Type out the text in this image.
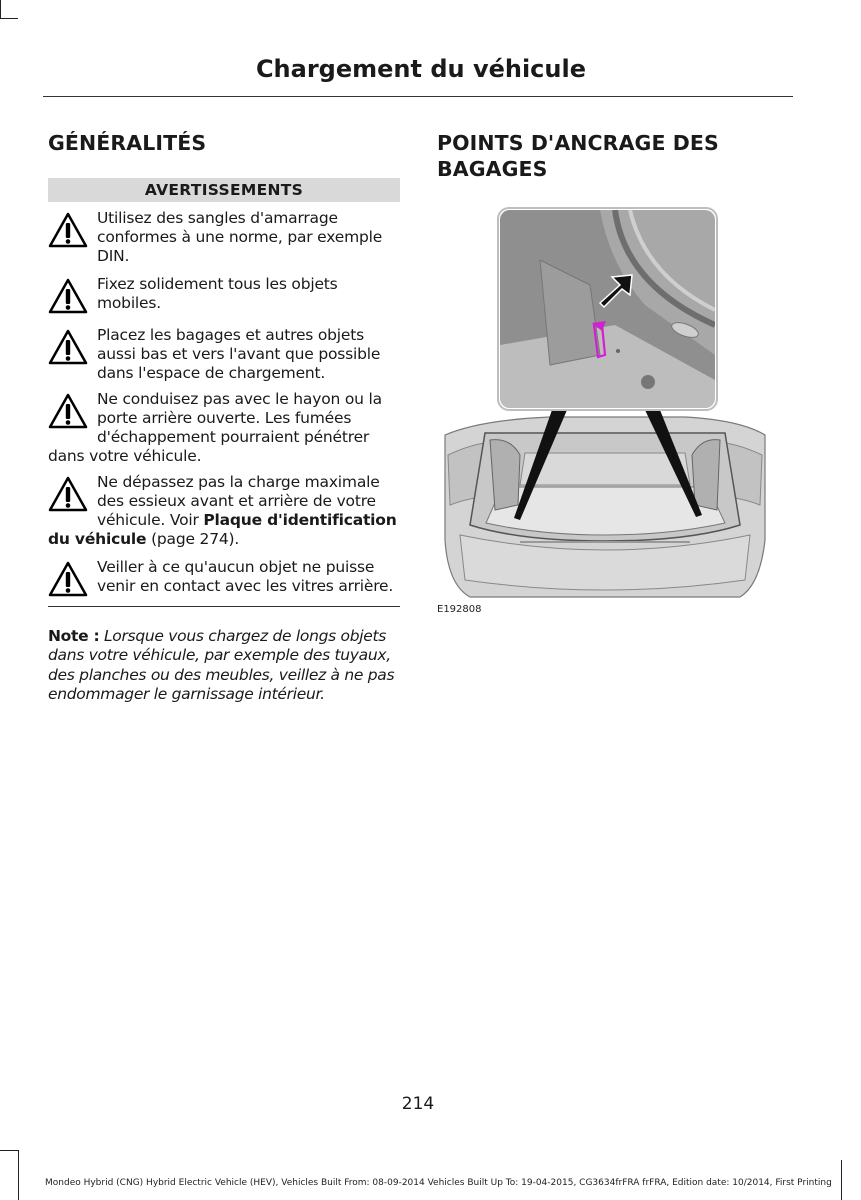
Chargement du véhicule
GÉNÉRALITÉS
AVERTISSEMENTS
Utilisez des sangles d'amarrage conformes à une norme, par exemple DIN.
Fixez solidement tous les objets mobiles.
Placez les bagages et autres objets aussi bas et vers l'avant que possible dans l'espace de chargement.
Ne conduisez pas avec le hayon ou la porte arrière ouverte. Les fumées d'échappement pourraient pénétrer dans votre véhicule.
Ne dépassez pas la charge maximale des essieux avant et arrière de votre véhicule. Voir Plaque d'identification du véhicule (page 274).
Veiller à ce qu'aucun objet ne puisse venir en contact avec les vitres arrière.
Note : Lorsque vous chargez de longs objets dans votre véhicule, par exemple des tuyaux, des planches ou des meubles, veillez à ne pas endommager le garnissage intérieur.
POINTS D'ANCRAGE DES BAGAGES
E192808
214
Mondeo Hybrid (CNG) Hybrid Electric Vehicle (HEV), Vehicles Built From: 08-09-2014 Vehicles Built Up To: 19-04-2015, CG3634frFRA frFRA, Edition date: 10/2014, First Printing
